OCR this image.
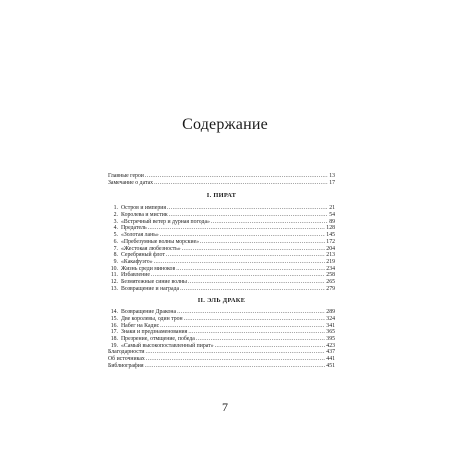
Содержание
Главные герои .....	13
Замечание о датах .....	17
I. ПИРАТ
1. Остров и империя .....	21
2. Королева и мистик .....	54
3. «Встречный ветер и дурная погода» .....	89
4. Предатель .....	128
5. «Золотая лань» .....	145
6. «Пребезумные волны морские» .....	172
7. «Жестокая любезность» .....	204
8. Серебряный флот .....	213
9. «Какафуэго» .....	219
10. Жизнь среди миноков .....	234
11. Избавление .....	258
12. Безмятежные синие волны .....	265
13. Возвращение и награда .....	279
II. ЭЛЬ ДРАКЕ
14. Возвращение Дракона .....	289
15. Две королевы, один трон .....	324
16. Набег на Кадис .....	341
17. Знаки и предзнаменования .....	365
18. Презрение, отмщение, победа .....	395
19. «Самый высокопоставленный пират» .....	423
Благодарности .....	437
Об источниках .....	441
Библиография .....	451
7
